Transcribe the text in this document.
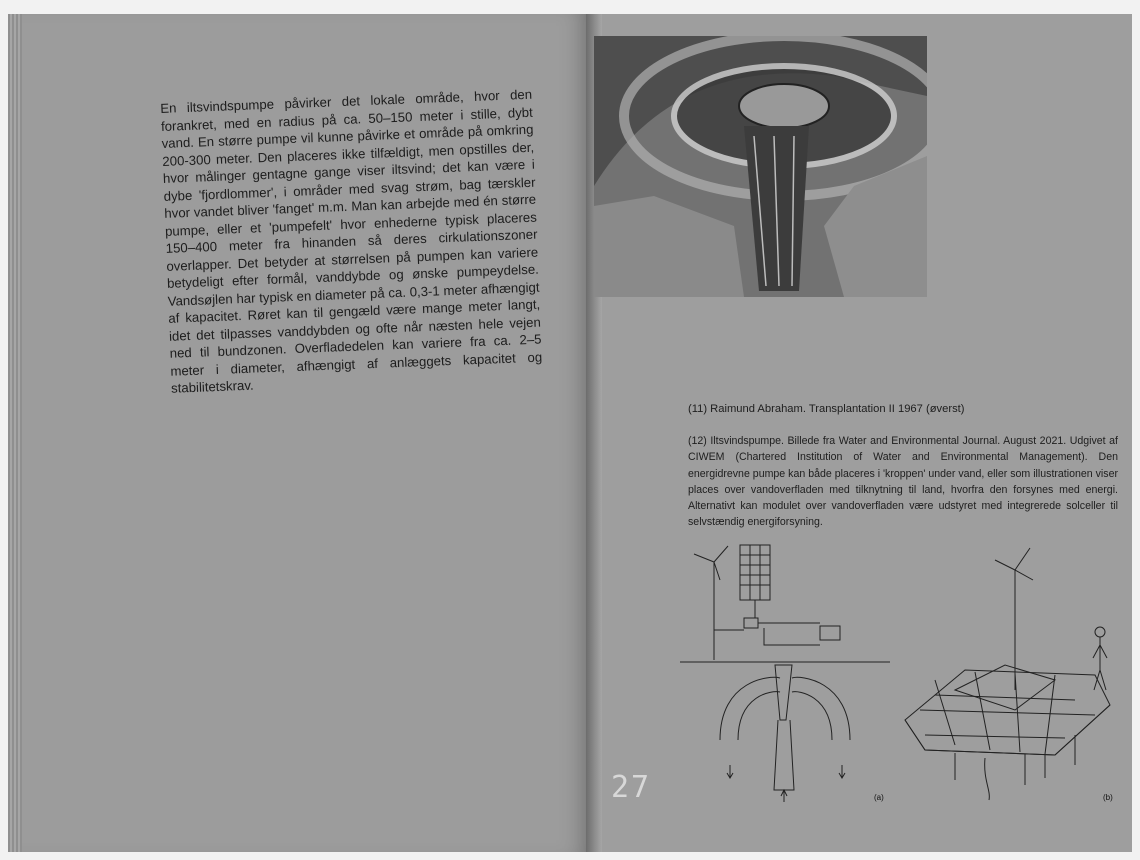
En iltsvindspumpe påvirker det lokale område, hvor den forankret, med en radius på ca. 50–150 meter i stille, dybt vand. En større pumpe vil kunne påvirke et område på omkring 200-300 meter. Den placeres ikke tilfældigt, men opstilles der, hvor målinger gentagne gange viser iltsvind; det kan være i dybe 'fjordlommer', i områder med svag strøm, bag tærskler hvor vandet bliver 'fanget' m.m. Man kan arbejde med én større pumpe, eller et 'pumpefelt' hvor enhederne typisk placeres 150–400 meter fra hinanden så deres cirkulationszoner overlapper. Det betyder at størrelsen på pumpen kan variere betydeligt efter formål, vanddybde og ønske pumpeydelse. Vandsøjlen har typisk en diameter på ca. 0,3-1 meter afhængigt af kapacitet. Røret kan til gengæld være mange meter langt, idet det tilpasses vanddybden og ofte når næsten hele vejen ned til bundzonen. Overfladedelen kan variere fra ca. 2–5 meter i diameter, afhængigt af anlæggets kapacitet og stabilitetskrav.

(11) Raimund Abraham. Transplantation II 1967 (øverst)

(12) Iltsvindspumpe. Billede fra Water and Environmental Journal. August 2021. Udgivet af CIWEM (Chartered Institution of Water and Environmental Management). Den energidrevne pumpe kan både placeres i 'kroppen' under vand, eller som illustrationen viser places over vandoverfladen med tilknytning til land, hvorfra den forsynes med energi. Alternativt kan modulet over vandoverfladen være udstyret med integrerede solceller til selvstændig energiforsyning.

(a)	(b)
27
